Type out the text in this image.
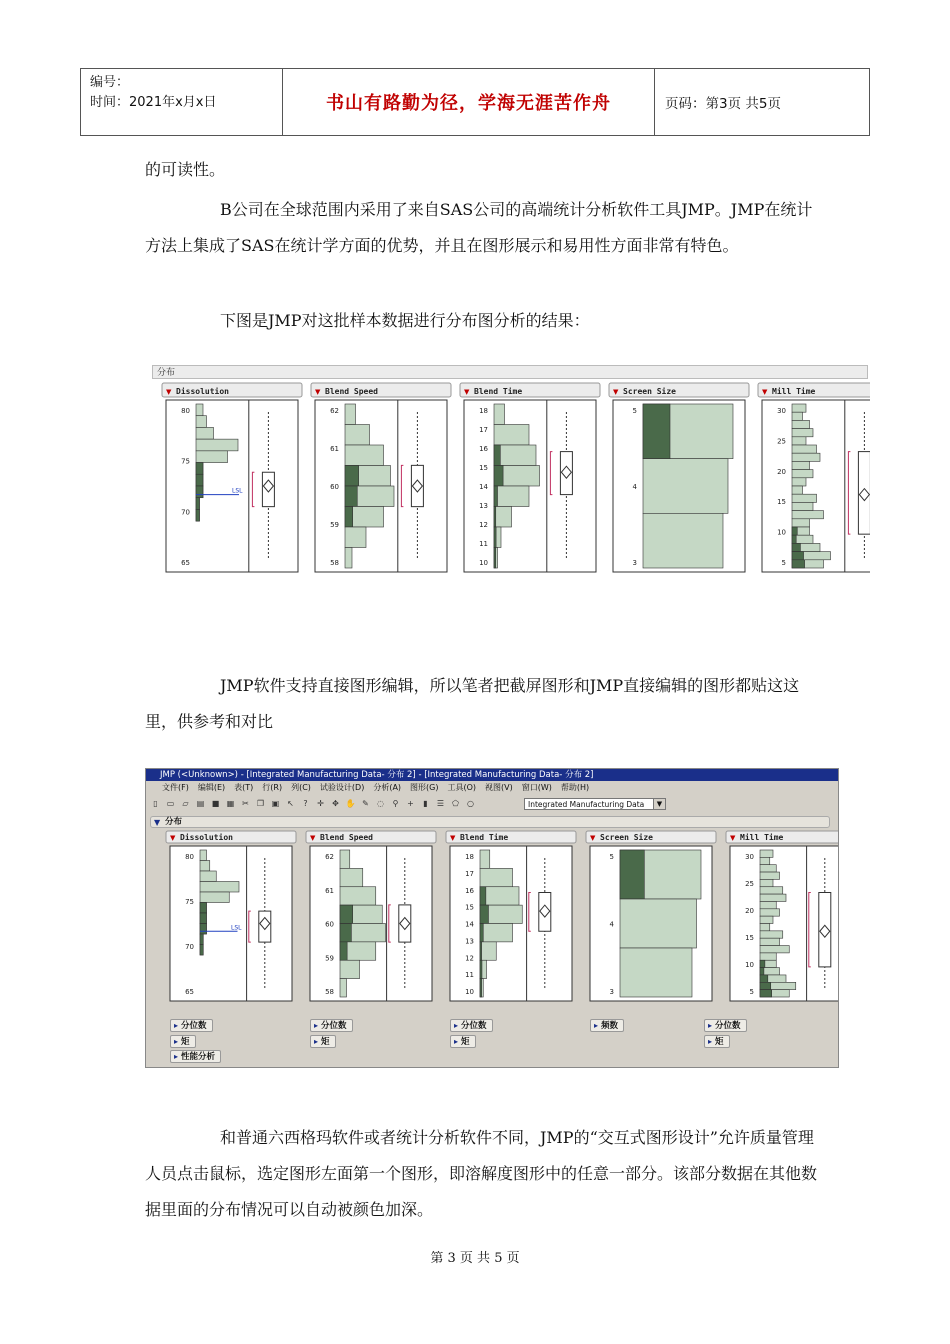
编号：
时间：2021年x月x日	书山有路勤为径，学海无涯苦作舟	页码：第3页 共5页

的可读性。

B公司在全球范围内采用了来自SAS公司的高端统计分析软件工具JMP。JMP在统计方法上集成了SAS在统计学方面的优势，并且在图形展示和易用性方面非常有特色。

下图是JMP对这批样本数据进行分布图分析的结果：

分布
Dissolution
▼
80
75
70
65
LSL
Blend Speed
▼
62
61
60
59
58
Blend Time
▼
18
17
16
15
14
13
12
11
10
Screen Size
▼
5
4
3
Mill Time
▼
30
25
20
15
10
5

JMP软件支持直接图形编辑，所以笔者把截屏图形和JMP直接编辑的图形都贴这这里，供参考和对比

JMP (<Unknown>) - [Integrated Manufacturing Data- 分布 2] - [Integrated Manufacturing Data- 分布 2]
文件(F) 编辑(E) 表(T) 行(R) 列(C) 试验设计(D) 分析(A) 图形(G) 工具(O) 视图(V) 窗口(W) 帮助(H)
▯	▭	▱	▤ ■ ▦ ✂ ❐ ▣ ↖	?	✛ ✥ ✋ ✎ ◌	⚲	+	▮	☰ ⬠ ○	Integrated Manufacturing Data	▼
▼ 分布
Dissolution
▼
80
75
70
65
LSL
Blend Speed
▼
62
61
60
59
58
Blend Time
▼
18
17
16
15
14
13
12
11
10
Screen Size
▼
5
4
3
Mill Time
▼
30
25
20
15
10
5
▸ 分位数
▸ 矩
▸ 性能分析
▸ 分位数
▸ 矩
▸ 分位数
▸ 矩
▸ 频数
▸	分位数
▸ 矩

和普通六西格玛软件或者统计分析软件不同，JMP的“交互式图形设计”允许质量管理人员点击鼠标，选定图形左面第一个图形，即溶解度图形中的任意一部分。该部分数据在其他数据里面的分布情况可以自动被颜色加深。

第 3 页 共 5 页
